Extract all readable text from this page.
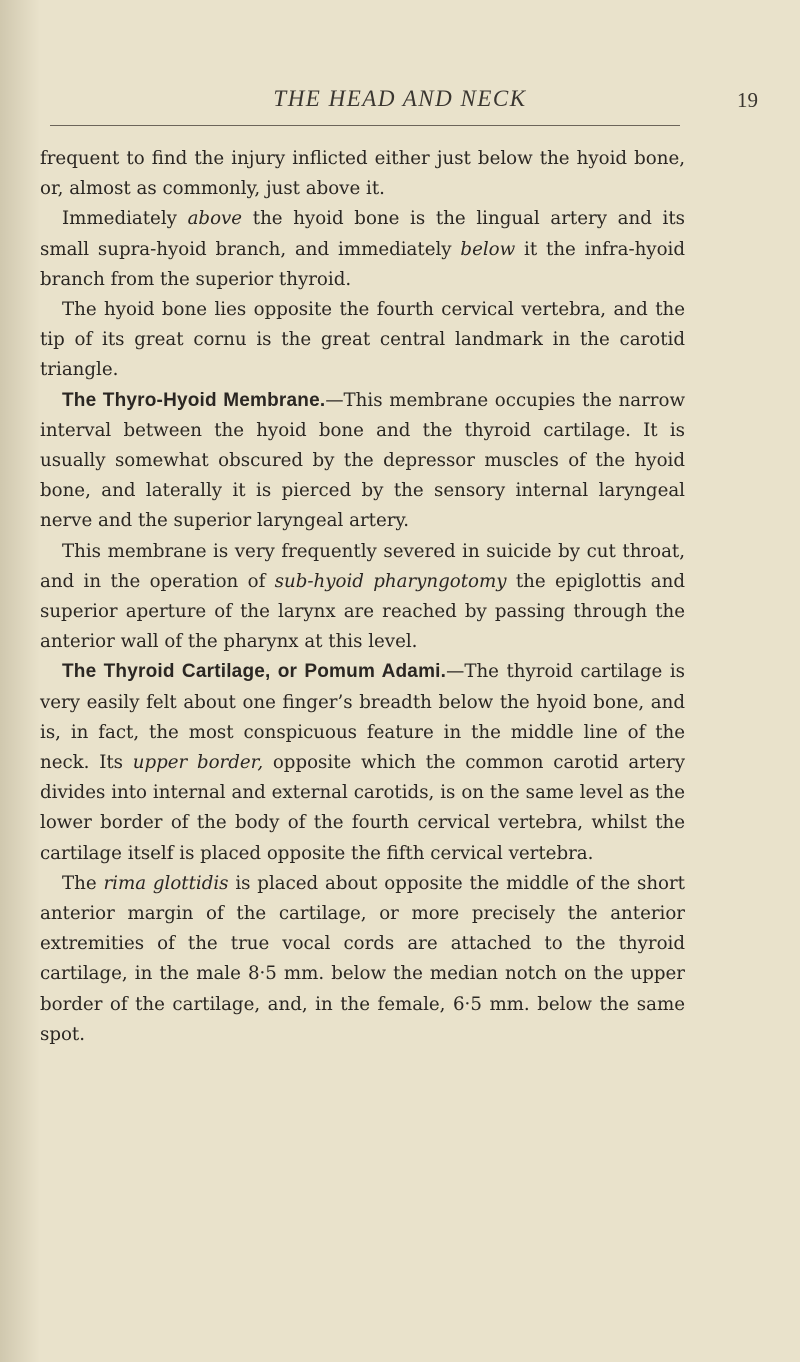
THE HEAD AND NECK	19

frequent to find the injury inflicted either just below the hyoid bone, or, almost as commonly, just above it.

Immediately above the hyoid bone is the lingual artery and its small supra-hyoid branch, and immediately below it the infra-hyoid branch from the superior thyroid.

The hyoid bone lies opposite the fourth cervical vertebra, and the tip of its great cornu is the great central landmark in the carotid triangle.

The Thyro-Hyoid Membrane.—This membrane occupies the narrow interval between the hyoid bone and the thyroid cartilage. It is usually somewhat obscured by the depressor muscles of the hyoid bone, and laterally it is pierced by the sensory internal laryngeal nerve and the superior laryngeal artery.

This membrane is very frequently severed in suicide by cut throat, and in the operation of sub-hyoid pharyngotomy the epiglottis and superior aperture of the larynx are reached by passing through the anterior wall of the pharynx at this level.

The Thyroid Cartilage, or Pomum Adami.—The thyroid cartilage is very easily felt about one finger’s breadth below the hyoid bone, and is, in fact, the most conspicuous feature in the middle line of the neck. Its upper border, opposite which the common carotid artery divides into internal and external carotids, is on the same level as the lower border of the body of the fourth cervical vertebra, whilst the cartilage itself is placed opposite the fifth cervical vertebra.

The rima glottidis is placed about opposite the middle of the short anterior margin of the cartilage, or more precisely the anterior extremities of the true vocal cords are attached to the thyroid cartilage, in the male 8·5 mm. below the median notch on the upper border of the cartilage, and, in the female, 6·5 mm. below the same spot.
